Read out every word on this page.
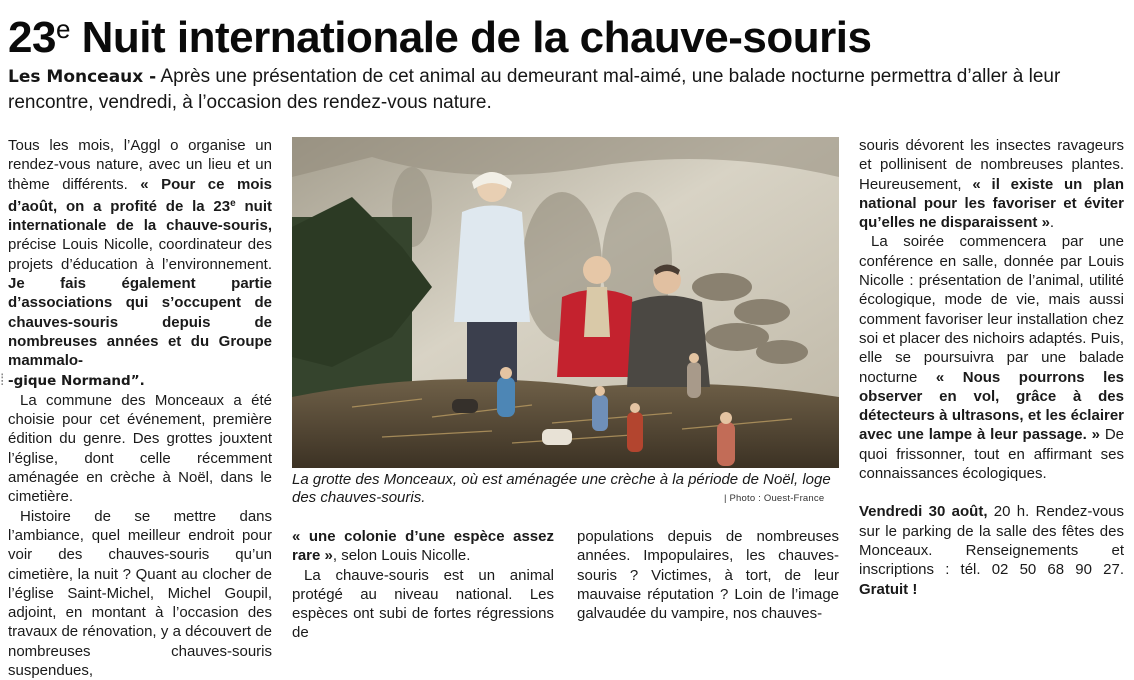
23e Nuit internationale de la chauve-souris
Les Monceaux - Après une présentation de cet animal au demeurant mal-aimé, une balade nocturne permettra d’aller à leur rencontre, vendredi, à l’occasion des rendez-vous nature.
⁞

Tous les mois, l’Aggl o organise un rendez-vous nature, avec un lieu et un thème différents. « Pour ce mois d’août, on a profité de la 23e nuit internationale de la chauve-souris, précise Louis Nicolle, coordinateur des projets d’éducation à l’environnement. Je fais également partie d’associations qui s’occupent de chauves-souris depuis de nombreuses années et du Groupe mammalo-
-gique Normand”.

La commune des Monceaux a été choisie pour cet événement, première édition du genre. Des grottes jouxtent l’église, dont celle récemment aménagée en crèche à Noël, dans le cimetière.

Histoire de se mettre dans l’ambiance, quel meilleur endroit pour voir des chauves-souris qu’un cimetière, la nuit ? Quant au clocher de l’église Saint-Michel, Michel Goupil, adjoint, en montant à l’occasion des travaux de rénovation, y a découvert de nombreuses chauves-souris suspendues,

La grotte des Monceaux, où est aménagée une crèche à la période de Noël, loge des chauves-souris.	| Photo : Ouest-France

« une colonie d’une espèce assez rare », selon Louis Nicolle.

La chauve-souris est un animal protégé au niveau national. Les espèces ont subi de fortes régressions de

populations depuis de nombreuses années. Impopulaires, les chauves-souris ? Victimes, à tort, de leur mauvaise réputation ? Loin de l’image galvaudée du vampire, nos chauves-

souris dévorent les insectes ravageurs et pollinisent de nombreuses plantes. Heureusement, « il existe un plan national pour les favoriser et éviter qu’elles ne disparaissent ».

La soirée commencera par une conférence en salle, donnée par Louis Nicolle : présentation de l’animal, utilité écologique, mode de vie, mais aussi comment favoriser leur installation chez soi et placer des nichoirs adaptés. Puis, elle se poursuivra par une balade nocturne « Nous pourrons les observer en vol, grâce à des détecteurs à ultrasons, et les éclairer avec une lampe à leur passage. » De quoi frissonner, tout en affirmant ses connaissances écologiques.

Vendredi 30 août, 20 h. Rendez-vous sur le parking de la salle des fêtes des Monceaux. Renseignements et inscriptions : tél. 02 50 68 90 27. Gratuit !
